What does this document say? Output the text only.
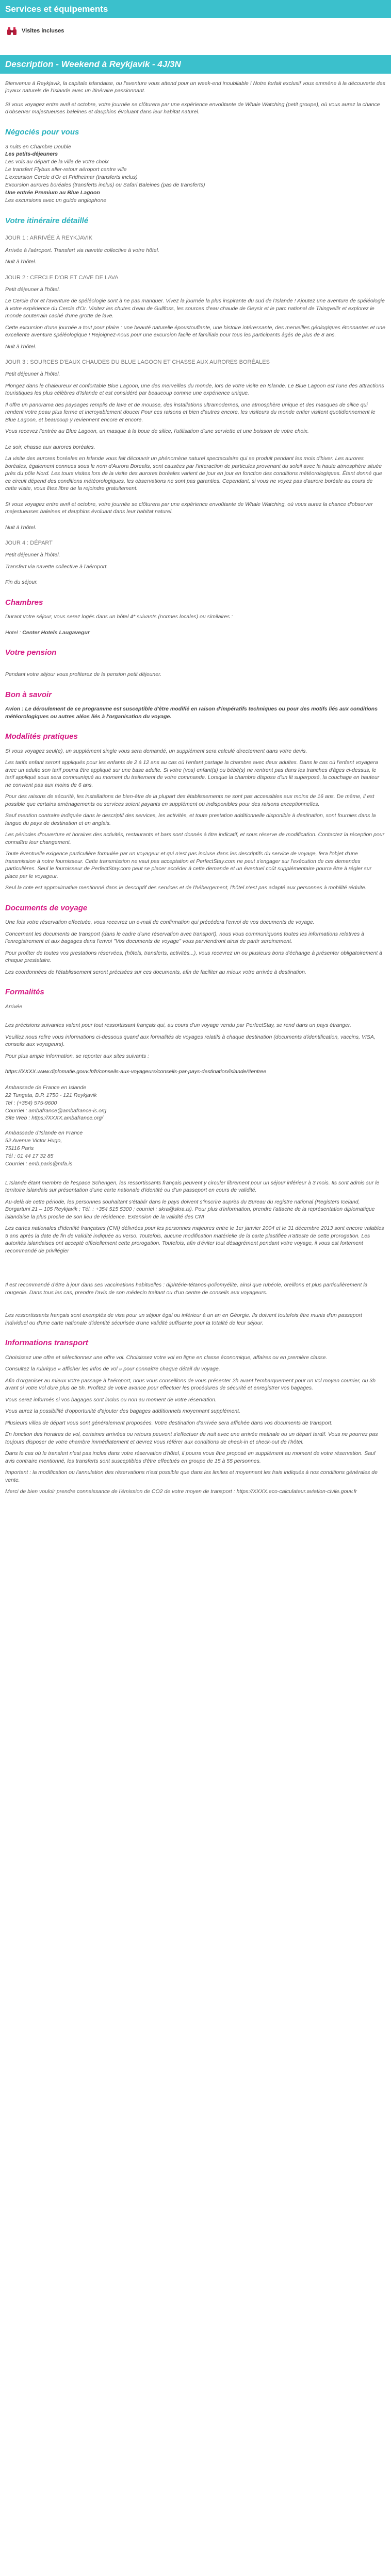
Services et équipements
Visites incluses
Description - Weekend à Reykjavik - 4J/3N

Bienvenue à Reykjavik, la capitale islandaise, ou l'aventure vous attend pour un week-end inoubliable ! Notre forfait exclusif vous emmène à la découverte des joyaux naturels de l'Islande avec un itinéraire passionnant.

Si vous voyagez entre avril et octobre, votre journée se clôturera par une expérience envoûtante de Whale Watching (petit groupe), où vous aurez la chance d'observer majestueuses baleines et dauphins évoluant dans leur habitat naturel.

Négociés pour vous
3 nuits en Chambre Double
Les petits-déjeuners
Les vols au départ de la ville de votre choix
Le transfert Flybus aller-retour aéroport centre ville
L'excursion Cercle d'Or et Fridheimar (transferts inclus)
Excursion aurores boréales (transferts inclus) ou Safari Baleines (pas de transferts)
Une entrée Premium au Blue Lagoon
Les excursions avec un guide anglophone
Votre itinéraire détaillé
JOUR 1 : ARRIVÉE À REYKJAVIK

Arrivée à l'aéroport. Transfert via navette collective à votre hôtel.

Nuit à l'hôtel.

JOUR 2 : CERCLE D'OR ET CAVE DE LAVA

Petit déjeuner à l'hôtel.

Le Cercle d'or et l'aventure de spéléologie sont à ne pas manquer. Vivez la journée la plus inspirante du sud de l'Islande ! Ajoutez une aventure de spéléologie à votre expérience du Cercle d'Or. Visitez les chutes d'eau de Gullfoss, les sources d'eau chaude de Geysir et le parc national de Thingvellir et explorez le monde souterrain caché d'une grotte de lave.

Cette excursion d'une journée a tout pour plaire : une beauté naturelle époustouflante, une histoire intéressante, des merveilles géologiques étonnantes et une excellente aventure spéléologique ! Rejoignez-nous pour une excursion facile et familiale pour tous les participants âgés de plus de 8 ans.

Nuit à l'hôtel.

JOUR 3 : SOURCES D'EAUX CHAUDES DU BLUE LAGOON ET CHASSE AUX AURORES BORÉALES

Petit déjeuner à l'hôtel.

Plongez dans le chaleureux et confortable Blue Lagoon, une des merveilles du monde, lors de votre visite en Islande. Le Blue Lagoon est l'une des attractions touristiques les plus célèbres d'Islande et est considéré par beaucoup comme une expérience unique.

Il offre un panorama des paysages remplis de lave et de mousse, des installations ultramodernes, une atmosphère unique et des masques de silice qui rendent votre peau plus ferme et incroyablement douce! Pour ces raisons et bien d'autres encore, les visiteurs du monde entier visitent quotidiennement le Blue Lagoon, et beaucoup y reviennent encore et encore.

Vous recevez l'entrée au Blue Lagoon, un masque à la boue de silice, l'utilisation d'une serviette et une boisson de votre choix.

Le soir, chasse aux aurores boréales.

La visite des aurores boréales en Islande vous fait découvrir un phénomène naturel spectaculaire qui se produit pendant les mois d'hiver. Les aurores boréales, également connues sous le nom d'Aurora Borealis, sont causées par l'interaction de particules provenant du soleil avec la haute atmosphère située près du pôle Nord. Les tours visites lors de la visite des aurores boréales varient de jour en jour en fonction des conditions météorologiques. Étant donné que ce circuit dépend des conditions météorologiques, les observations ne sont pas garanties. Cependant, si vous ne voyez pas d'aurore boréale au cours de cette visite, vous êtes libre de la rejoindre gratuitement.

Si vous voyagez entre avril et octobre, votre journée se clôturera par une expérience envoûtante de Whale Watching, où vous aurez la chance d'observer majestueuses baleines et dauphins évoluant dans leur habitat naturel.

Nuit à l'hôtel.

JOUR 4 : DÉPART

Petit déjeuner à l'hôtel.

Transfert via navette collective à l'aéroport.

Fin du séjour.

Chambres

Durant votre séjour, vous serez logés dans un hôtel 4* suivants (normes locales) ou similaires :

Hotel : Center Hotels Laugavegur

Votre pension

Pendant votre séjour vous profiterez de la pension petit déjeuner.

Bon à savoir

Avion : Le déroulement de ce programme est susceptible d'être modifié en raison d'impératifs techniques ou pour des motifs liés aux conditions météorologiques ou autres aléas liés à l'organisation du voyage.

Modalités pratiques

Si vous voyagez seul(e), un supplément single vous sera demandé, un supplément sera calculé directement dans votre devis.

Les tarifs enfant seront appliqués pour les enfants de 2 à 12 ans au cas où l'enfant partage la chambre avec deux adultes. Dans le cas où l'enfant voyagera avec un adulte son tarif pourra être appliqué sur une base adulte. Si votre (vos) enfant(s) ou bébé(s) ne rentrent pas dans les tranches d'âges ci-dessus, le tarif appliqué sous sera communiqué au moment du traitement de votre commande. Lorsque la chambre dispose d'un lit superposé, la couchage en hauteur ne convient pas aux moins de 6 ans.

Pour des raisons de sécurité, les installations de bien-être de la plupart des établissements ne sont pas accessibles aux moins de 16 ans. De même, il est possible que certains aménagements ou services soient payants en supplément ou indisponibles pour des raisons exceptionnelles.

Sauf mention contraire indiquée dans le descriptif des services, les activités, et toute prestation additionnelle disponible à destination, sont fournies dans la langue du pays de destination et en anglais.

Les périodes d'ouverture et horaires des activités, restaurants et bars sont donnés à titre indicatif, et sous réserve de modification. Contactez la réception pour connaître leur changement.

Toute éventuelle exigence particulière formulée par un voyageur et qui n'est pas incluse dans les descriptifs du service de voyage, fera l'objet d'une transmission à notre fournisseur. Cette transmission ne vaut pas acceptation et PerfectStay.com ne peut s'engager sur l'exécution de ces demandes particulières. Seul le fournisseur de PerfectStay.com peut se placer accéder à cette demande et un éventuel coût supplémentaire pourra être à régler sur place par le voyageur.

Seul la cote est approximative mentionné dans le descriptif des services et de l'hébergement, l'hôtel n'est pas adapté aux personnes à mobilité réduite.

Documents de voyage

Une fois votre réservation effectuée, vous recevrez un e-mail de confirmation qui précédera l'envoi de vos documents de voyage.

Concernant les documents de transport (dans le cadre d'une réservation avec transport), nous vous communiquons toutes les informations relatives à l'enregistrement et aux bagages dans l'envoi "Vos documents de voyage" vous parviendront ainsi de partir sereinement.

Pour profiter de toutes vos prestations réservées, (hôtels, transferts, activités...), vous recevrez un ou plusieurs bons d'échange à présenter obligatoirement à chaque prestataire.

Les coordonnées de l'établissement seront précisées sur ces documents, afin de faciliter au mieux votre arrivée à destination.

Formalités

Arrivée

Les précisions suivantes valent pour tout ressortissant français qui, au cours d'un voyage vendu par PerfectStay, se rend dans un pays étranger.

Veuillez nous relire vous informations ci-dessous quand aux formalités de voyages relatifs à chaque destination (documents d'identification, vaccins, VISA, conseils aux voyageurs).

Pour plus ample information, se reporter aux sites suivants :

https://XXXX.www.diplomatie.gouv.fr/fr/conseils-aux-voyageurs/conseils-par-pays-destination/islande/#entree

Ambassade de France en Islande
22 Tungata, B.P. 1750 - 121 Reykjavik
Tel : (+354) 575-9600
Courriel : ambafrance@ambafrance-is.org
Site Web : https://XXXX.ambafrance.org/
Ambassade d'Islande en France
52 Avenue Victor Hugo,
75116 Paris
Tél : 01 44 17 32 85
Courriel : emb.paris@mfa.is

L'Islande étant membre de l'espace Schengen, les ressortissants français peuvent y circuler librement pour un séjour inférieur à 3 mois. Ils sont admis sur le territoire islandais sur présentation d'une carte nationale d'identité ou d'un passeport en cours de validité.

Au-delà de cette période, les personnes souhaitant s'établir dans le pays doivent s'inscrire auprès du Bureau du registre national (Registers Iceland, Borgartuni 21 – 105 Reykjavik ; Tél. : +354 515 5300 ; courriel : skra@skra.is). Pour plus d'information, prendre l'attache de la représentation diplomatique islandaise la plus proche de son lieu de résidence. Extension de la validité des CNI

Les cartes nationales d'identité françaises (CNI) délivrées pour les personnes majeures entre le 1er janvier 2004 et le 31 décembre 2013 sont encore valables 5 ans après la date de fin de validité indiquée au verso. Toutefois, aucune modification matérielle de la carte plastifiée n'atteste de cette prorogation. Les autorités islandaises ont accepté officiellement cette prorogation. Toutefois, afin d'éviter tout désagrément pendant votre voyage, il vous est fortement recommandé de privilégier

Il est recommandé d'être à jour dans ses vaccinations habituelles : diphtérie-tétanos-poliomyélite, ainsi que rubéole, oreillons et plus particulièrement la rougeole. Dans tous les cas, prendre l'avis de son médecin traitant ou d'un centre de conseils aux voyageurs.

Les ressortissants français sont exemptés de visa pour un séjour égal ou inférieur à un an en Géorgie. Ils doivent toutefois être munis d'un passeport individuel ou d'une carte nationale d'identité sécurisée d'une validité suffisante pour la totalité de leur séjour.

Informations transport

Choisissez une offre et sélectionnez une offre vol. Choisissez votre vol en ligne en classe économique, affaires ou en première classe.

Consultez la rubrique « afficher les infos de vol » pour connaître chaque détail du voyage.

Afin d'organiser au mieux votre passage à l'aéroport, nous vous conseillons de vous présenter 2h avant l'embarquement pour un vol moyen courrier, ou 3h avant si votre vol dure plus de 5h. Profitez de votre avance pour effectuer les procédures de sécurité et enregistrer vos bagages.

Vous serez informés si vos bagages sont inclus ou non au moment de votre réservation.

Vous aurez la possibilité d'opportunité d'ajouter des bagages additionnels moyennant supplément.

Plusieurs villes de départ vous sont généralement proposées. Votre destination d'arrivée sera affichée dans vos documents de transport.

En fonction des horaires de vol, certaines arrivées ou retours peuvent s'effectuer de nuit avec une arrivée matinale ou un départ tardif. Vous ne pourrez pas toujours disposer de votre chambre immédiatement et devrez vous référer aux conditions de check-in et check-out de l'hôtel.

Dans le cas où le transfert n'est pas inclus dans votre réservation d'hôtel, il pourra vous être proposé en supplément au moment de votre réservation. Sauf avis contraire mentionné, les transferts sont susceptibles d'être effectués en groupe de 15 à 55 personnes.

Important : la modification ou l'annulation des réservations n'est possible que dans les limites et moyennant les frais indiqués à nos conditions générales de vente.

Merci de bien vouloir prendre connaissance de l'émission de CO2 de votre moyen de transport : https://XXXX.eco-calculateur.aviation-civile.gouv.fr
